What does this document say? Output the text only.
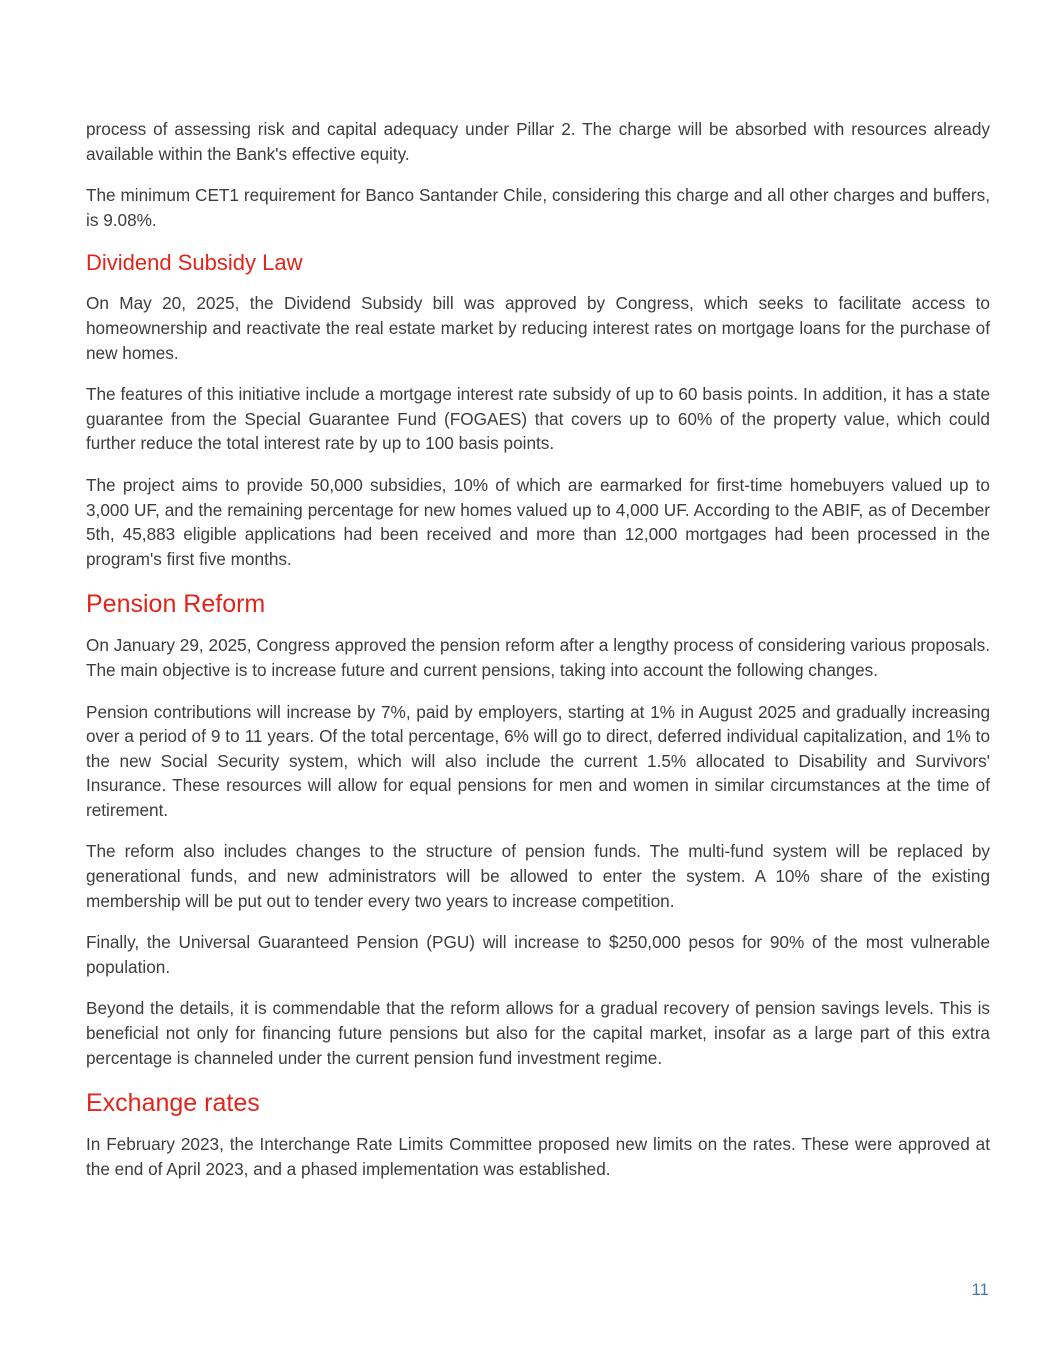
process of assessing risk and capital adequacy under Pillar 2. The charge will be absorbed with resources already available within the Bank's effective equity.

The minimum CET1 requirement for Banco Santander Chile, considering this charge and all other charges and buffers, is 9.08%.

Dividend Subsidy Law

On May 20, 2025, the Dividend Subsidy bill was approved by Congress, which seeks to facilitate access to homeownership and reactivate the real estate market by reducing interest rates on mortgage loans for the purchase of new homes.

The features of this initiative include a mortgage interest rate subsidy of up to 60 basis points. In addition, it has a state guarantee from the Special Guarantee Fund (FOGAES) that covers up to 60% of the property value, which could further reduce the total interest rate by up to 100 basis points.

The project aims to provide 50,000 subsidies, 10% of which are earmarked for first-time homebuyers valued up to 3,000 UF, and the remaining percentage for new homes valued up to 4,000 UF. According to the ABIF, as of December 5th, 45,883 eligible applications had been received and more than 12,000 mortgages had been processed in the program's first five months.

Pension Reform

On January 29, 2025, Congress approved the pension reform after a lengthy process of considering various proposals. The main objective is to increase future and current pensions, taking into account the following changes.

Pension contributions will increase by 7%, paid by employers, starting at 1% in August 2025 and gradually increasing over a period of 9 to 11 years. Of the total percentage, 6% will go to direct, deferred individual capitalization, and 1% to the new Social Security system, which will also include the current 1.5% allocated to Disability and Survivors' Insurance. These resources will allow for equal pensions for men and women in similar circumstances at the time of retirement.

The reform also includes changes to the structure of pension funds. The multi-fund system will be replaced by generational funds, and new administrators will be allowed to enter the system. A 10% share of the existing membership will be put out to tender every two years to increase competition.

Finally, the Universal Guaranteed Pension (PGU) will increase to $250,000 pesos for 90% of the most vulnerable population.

Beyond the details, it is commendable that the reform allows for a gradual recovery of pension savings levels. This is beneficial not only for financing future pensions but also for the capital market, insofar as a large part of this extra percentage is channeled under the current pension fund investment regime.

Exchange rates

In February 2023, the Interchange Rate Limits Committee proposed new limits on the rates. These were approved at the end of April 2023, and a phased implementation was established.

11
